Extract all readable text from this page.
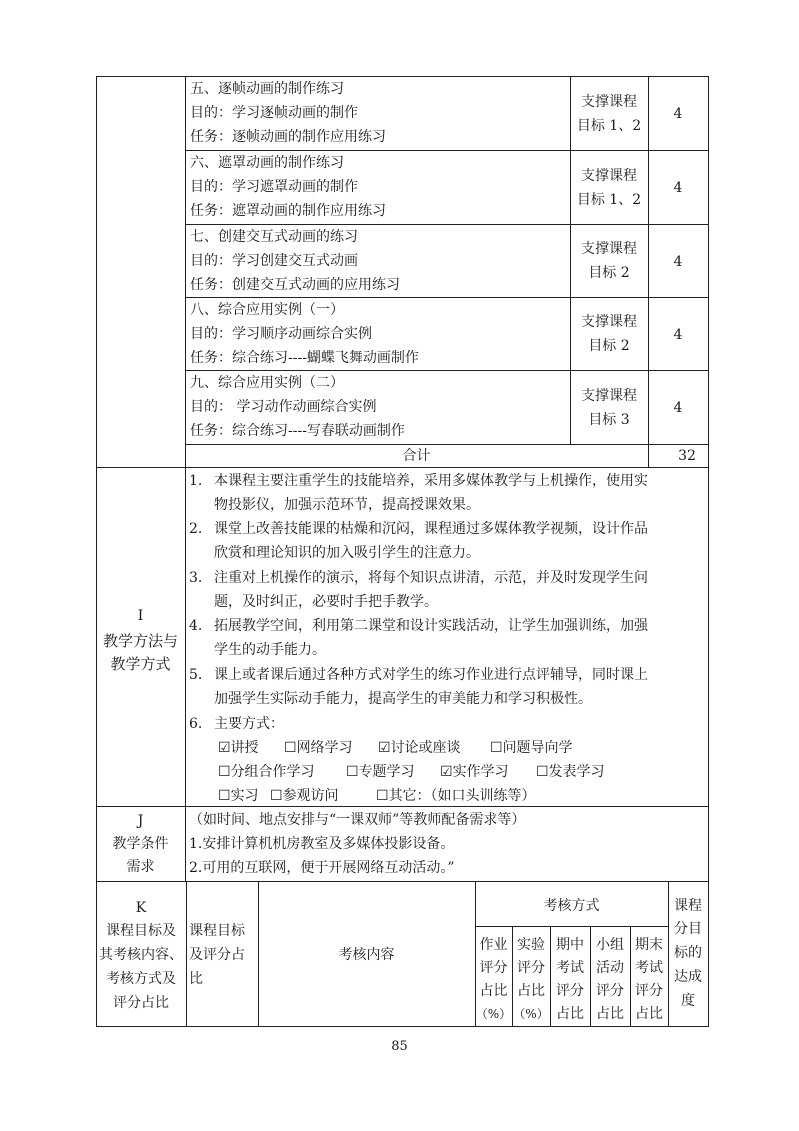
五、逐帧动画的制作练习
目的：学习逐帧动画的制作
任务：逐帧动画的制作应用练习
支撑课程
目标 1、2
4
六、遮罩动画的制作练习
目的：学习遮罩动画的制作
任务：遮罩动画的制作应用练习
支撑课程
目标 1、2
4
七、创建交互式动画的练习
目的：学习创建交互式动画
任务：创建交互式动画的应用练习
支撑课程
目标 2
4
八、综合应用实例（一）
目的：学习顺序动画综合实例
任务：综合练习----蝴蝶飞舞动画制作
支撑课程
目标 2
4
九、综合应用实例（二）
目的： 学习动作动画综合实例
任务：综合练习----写春联动画制作
支撑课程
目标 3
4
合计	32
I
教学方法与
教学方式
1. 本课程主要注重学生的技能培养，采用多媒体教学与上机操作，使用实
物投影仪，加强示范环节，提高授课效果。
2. 课堂上改善技能课的枯燥和沉闷，课程通过多媒体教学视频，设计作品
欣赏和理论知识的加入吸引学生的注意力。
3. 注重对上机操作的演示，将每个知识点讲清，示范，并及时发现学生问
题，及时纠正，必要时手把手教学。
4. 拓展教学空间，利用第二课堂和设计实践活动，让学生加强训练，加强
学生的动手能力。
5. 课上或者课后通过各种方式对学生的练习作业进行点评辅导，同时课上
加强学生实际动手能力，提高学生的审美能力和学习积极性。
6. 主要方式：
☑讲授 ☐网络学习 ☑讨论或座谈 ☐问题导向学
☐分组合作学习 ☐专题学习 ☑实作学习 ☐发表学习
☐实习 ☐参观访问	☐其它：（如口头训练等）
J
教学条件
需求
（如时间、地点安排与“一课双师”等教师配备需求等）
1.安排计算机机房教室及多媒体投影设备。
2.可用的互联网，便于开展网络互动活动。”
K
课程目标及
其考核内容、
考核方式及
评分占比
课程目标
及评分占
比
考核内容
考核方式
作业
评分
占比
（%）
实验
评分
占比
（%）
期中
考试
评分
占比
小组
活动
评分
占比
期末
考试
评分
占比
课程
分目
标的
达成
度
85
